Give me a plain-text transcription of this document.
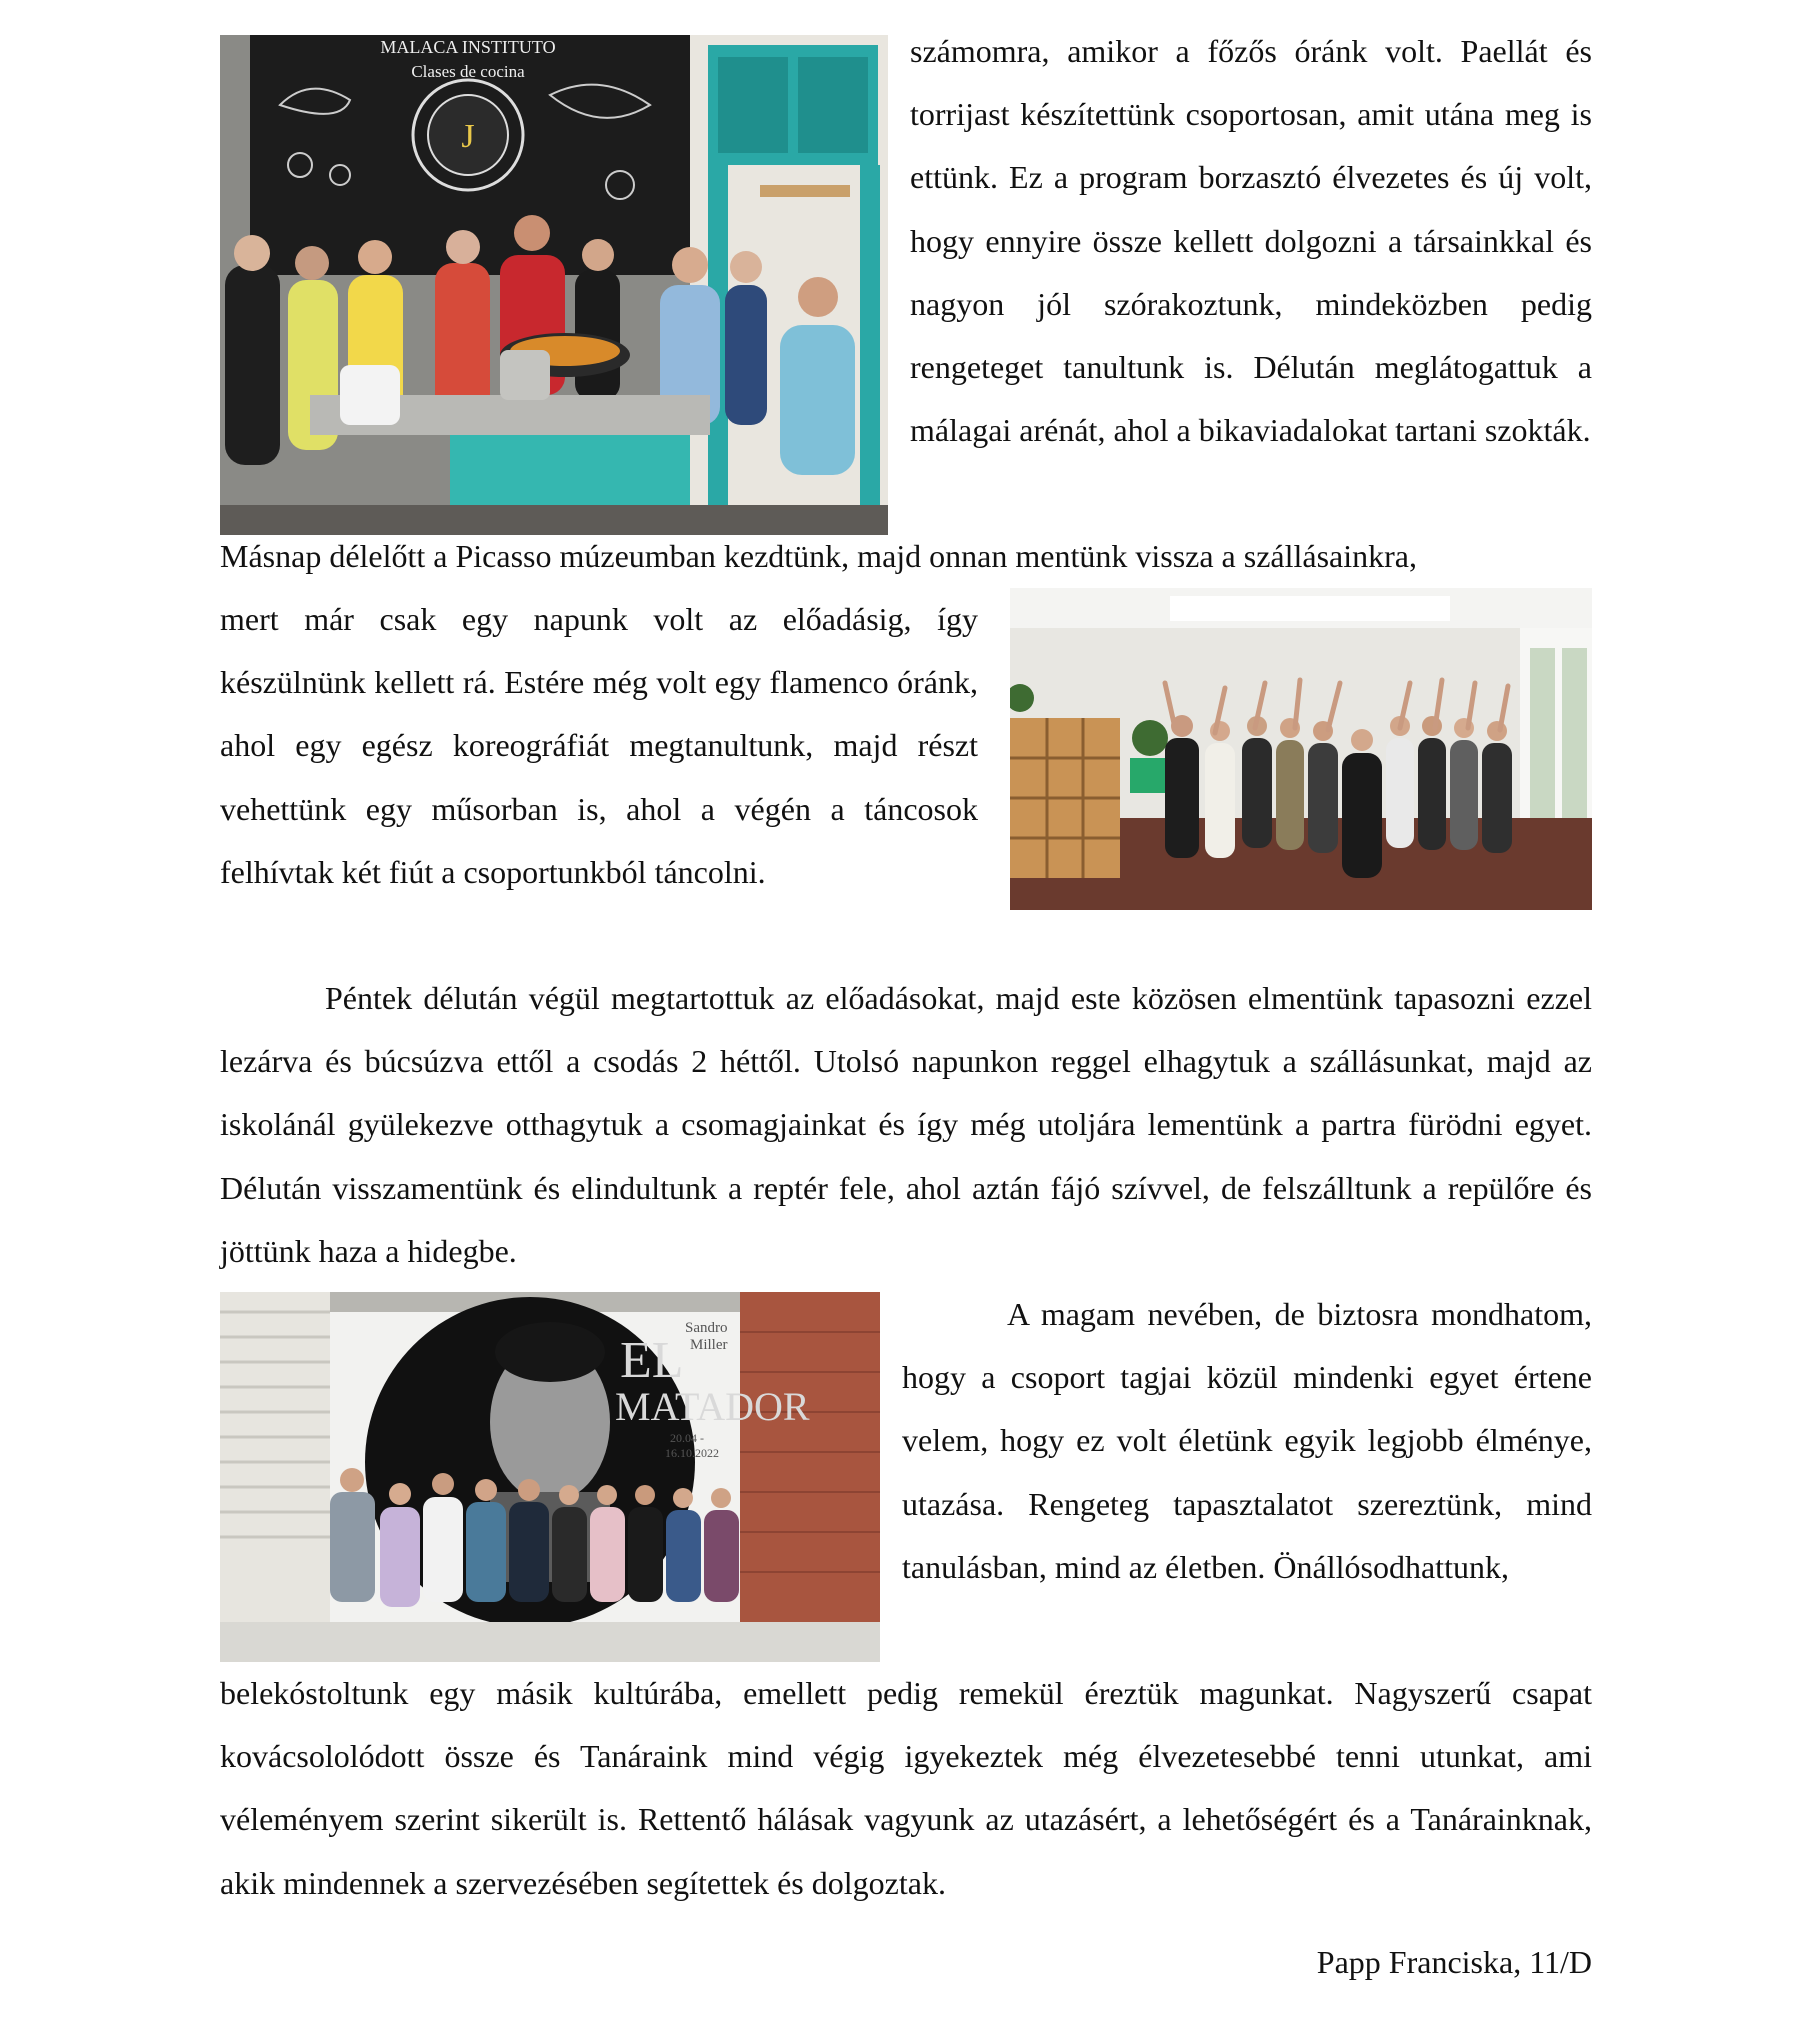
J
MALACA INSTITUTO
Clases de cocina

számomra, amikor a főzős óránk volt. Paellát és torrijast készítettünk csoportosan, amit utána meg is ettünk. Ez a program borzasztó élvezetes és új volt, hogy ennyire össze kellett dolgozni a társainkkal és nagyon jól szórakoztunk, mindeközben pedig rengeteget tanultunk is. Délután meglátogattuk a málagai arénát, ahol a bikaviadalokat tartani szokták.

Másnap délelőtt a Picasso múzeumban kezdtünk, majd onnan mentünk vissza a szállásainkra,

mert már csak egy napunk volt az előadásig, így készülnünk kellett rá. Estére még volt egy flamenco óránk, ahol egy egész koreográfiát megtanultunk, majd részt vehettünk egy műsorban is, ahol a végén a táncosok felhívtak két fiút a csoportunkból táncolni.

Péntek délután végül megtartottuk az előadásokat, majd este közösen elmentünk tapasozni ezzel lezárva és búcsúzva ettől a csodás 2 héttől. Utolsó napunkon reggel elhagytuk a szállásunkat, majd az iskolánál gyülekezve otthagytuk a csomagjainkat és így még utoljára lementünk a partra fürödni egyet. Délután visszamentünk és elindultunk a reptér fele, ahol aztán fájó szívvel, de felszálltunk a repülőre és jöttünk haza a hidegbe.

EL
MATADOR
Sandro
Miller
20.04 -
16.10.2022

A magam nevében, de biztosra mondhatom, hogy a csoport tagjai közül mindenki egyet értene velem, hogy ez volt életünk egyik legjobb élménye, utazása. Rengeteg tapasztalatot szereztünk, mind tanulásban, mind az életben. Önállósodhattunk,

belekóstoltunk egy másik kultúrába, emellett pedig remekül éreztük magunkat. Nagyszerű csapat kovácsololódott össze és Tanáraink mind végig igyekeztek még élvezetesebbé tenni utunkat, ami véleményem szerint sikerült is. Rettentő hálásak vagyunk az utazásért, a lehetőségért és a Tanárainknak, akik mindennek a szervezésében segítettek és dolgoztak.

Papp Franciska, 11/D
